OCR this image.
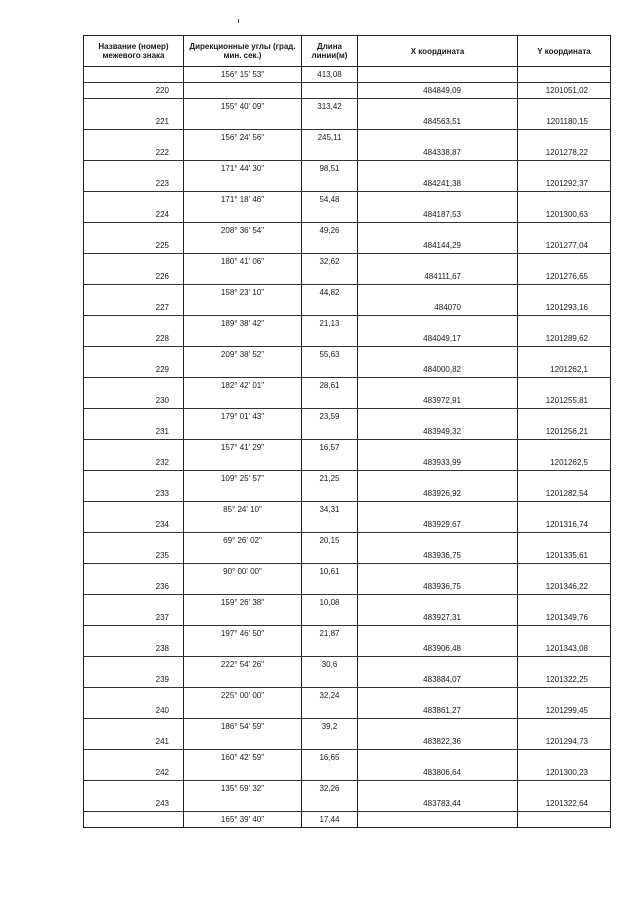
Название (номер) межевого знака	Дирекционные углы (град. мин. сек.)	Длина линии(м)	X координата	Y координата
	156° 15' 53"	413,08		
220			484849,09	1201051,02
	155° 40' 09"	313,42		
221			484563,51	1201180,15
	156° 24' 56"	245,11		
222			484338,87	1201278,22
	171° 44' 30"	98,51		
223			484241,38	1201292,37
	171° 18' 46"	54,48		
224			484187,53	1201300,63
	208° 36' 54"	49,26		
225			484144,29	1201277,04
	180° 41' 06"	32,62		
226			484111,67	1201276,65
	158° 23' 10"	44,82		
227			484070	1201293,16
	189° 38' 42"	21,13		
228			484049,17	1201289,62
	209° 38' 52"	55,63		
229			484000,82	1201262,1
	182° 42' 01"	28,61		
230			483972,91	1201255,81
	179° 01' 43"	23,59		
231			483949,32	1201256,21
	157° 41' 29"	16,57		
232			483933,99	1201262,5
	109° 25' 57"	21,25		
233			483926,92	1201282,54
	85° 24' 10"	34,31		
234			483929,67	1201316,74
	69° 26' 02"	20,15		
235			483936,75	1201335,61
	90° 00' 00"	10,61		
236			483936,75	1201346,22
	159° 26' 38"	10,08		
237			483927,31	1201349,76
	197° 46' 50"	21,87		
238			483906,48	1201343,08
	222° 54' 26"	30,6		
239			483884,07	1201322,25
	225° 00' 00"	32,24		
240			483861,27	1201299,45
	186° 54' 59"	39,2		
241			483822,36	1201294,73
	160° 42' 59"	16,65		
242			483806,64	1201300,23
	135° 59' 32"	32,26		
243			483783,44	1201322,64
	165° 39' 40"	17,44		
